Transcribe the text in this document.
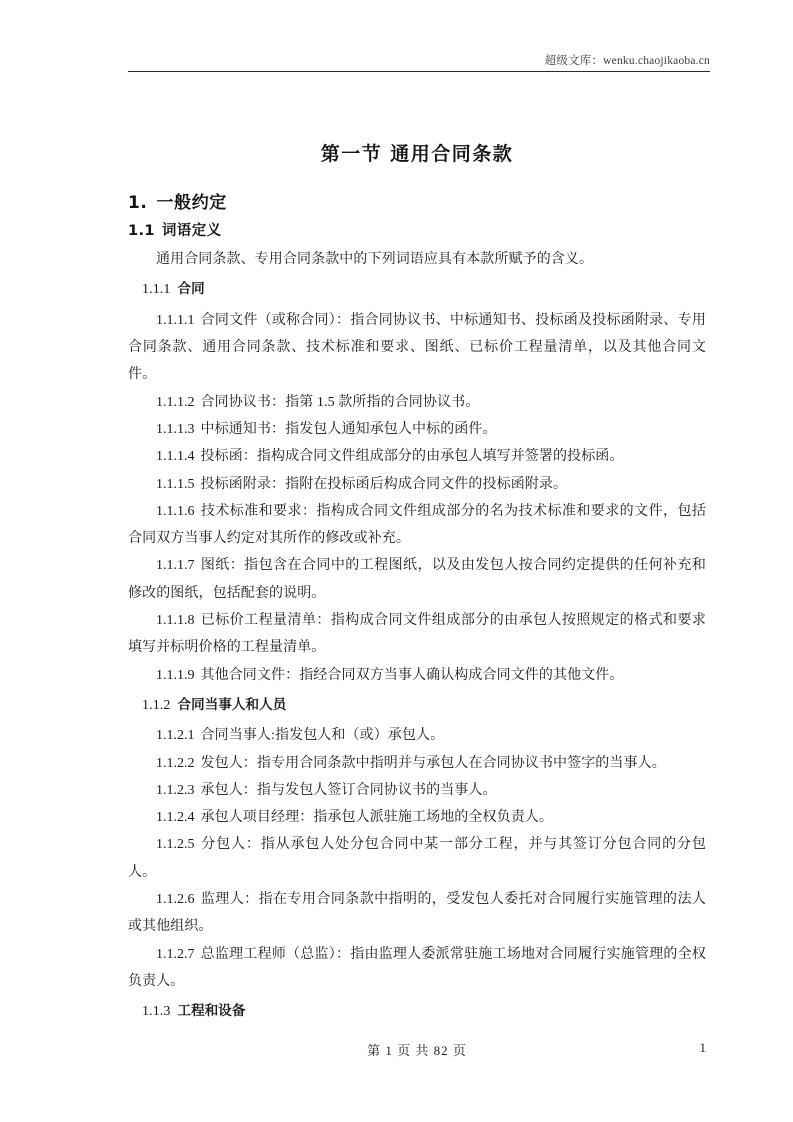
超级文库：wenku.chaojikaoba.cn
第一节 通用合同条款
1. 一般约定
1.1 词语定义
通用合同条款、专用合同条款中的下列词语应具有本款所赋予的含义。
1.1.1 合同
1.1.1.1 合同文件（或称合同）：指合同协议书、中标通知书、投标函及投标函附录、专用合同条款、通用合同条款、技术标准和要求、图纸、已标价工程量清单，以及其他合同文件。
1.1.1.2 合同协议书：指第 1.5 款所指的合同协议书。
1.1.1.3 中标通知书：指发包人通知承包人中标的函件。
1.1.1.4 投标函：指构成合同文件组成部分的由承包人填写并签署的投标函。
1.1.1.5 投标函附录：指附在投标函后构成合同文件的投标函附录。
1.1.1.6 技术标准和要求：指构成合同文件组成部分的名为技术标准和要求的文件，包括合同双方当事人约定对其所作的修改或补充。
1.1.1.7 图纸：指包含在合同中的工程图纸，以及由发包人按合同约定提供的任何补充和修改的图纸，包括配套的说明。
1.1.1.8 已标价工程量清单：指构成合同文件组成部分的由承包人按照规定的格式和要求填写并标明价格的工程量清单。
1.1.1.9 其他合同文件：指经合同双方当事人确认构成合同文件的其他文件。
1.1.2 合同当事人和人员
1.1.2.1 合同当事人:指发包人和（或）承包人。
1.1.2.2 发包人：指专用合同条款中指明并与承包人在合同协议书中签字的当事人。
1.1.2.3 承包人：指与发包人签订合同协议书的当事人。
1.1.2.4 承包人项目经理：指承包人派驻施工场地的全权负责人。
1.1.2.5 分包人：指从承包人处分包合同中某一部分工程，并与其签订分包合同的分包人。
1.1.2.6 监理人：指在专用合同条款中指明的，受发包人委托对合同履行实施管理的法人或其他组织。
1.1.2.7 总监理工程师（总监）：指由监理人委派常驻施工场地对合同履行实施管理的全权负责人。
1.1.3 工程和设备
第 1 页 共 82 页	1
